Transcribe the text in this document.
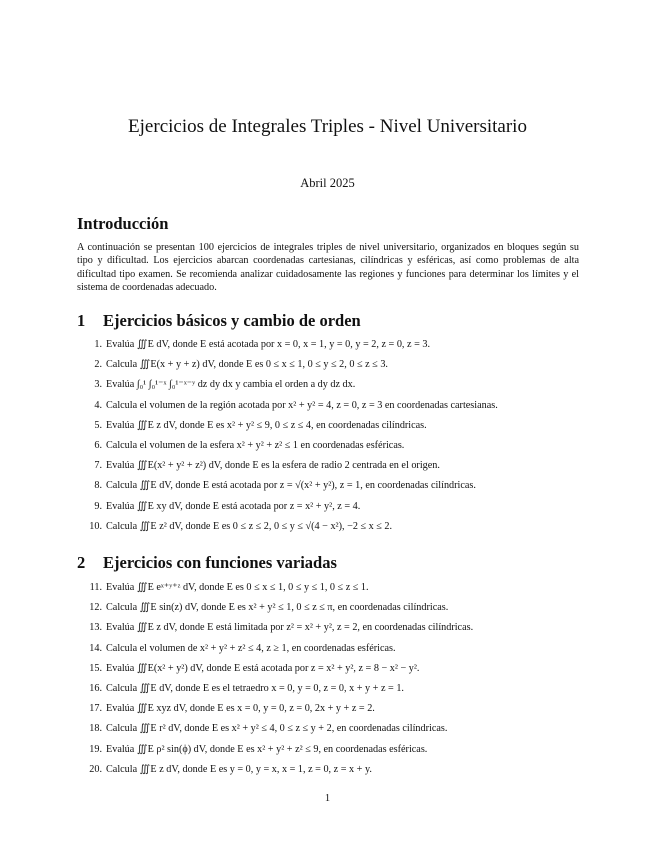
Ejercicios de Integrales Triples - Nivel Universitario
Abril 2025
Introducción
A continuación se presentan 100 ejercicios de integrales triples de nivel universitario, organizados en bloques según su tipo y dificultad. Los ejercicios abarcan coordenadas cartesianas, cilíndricas y esféricas, así como problemas de alta dificultad tipo examen. Se recomienda analizar cuidadosamente las regiones y funciones para determinar los límites y el sistema de coordenadas adecuado.
1 Ejercicios básicos y cambio de orden
1. Evalúa ∭E dV, donde E está acotada por x = 0, x = 1, y = 0, y = 2, z = 0, z = 3.
2. Calcula ∭E(x + y + z) dV, donde E es 0 ≤ x ≤ 1, 0 ≤ y ≤ 2, 0 ≤ z ≤ 3.
3. Evalúa ∫₀¹ ∫₀¹⁻ˣ ∫₀¹⁻ˣ⁻ʸ dz dy dx y cambia el orden a dy dz dx.
4. Calcula el volumen de la región acotada por x² + y² = 4, z = 0, z = 3 en coordenadas cartesianas.
5. Evalúa ∭E z dV, donde E es x² + y² ≤ 9, 0 ≤ z ≤ 4, en coordenadas cilíndricas.
6. Calcula el volumen de la esfera x² + y² + z² ≤ 1 en coordenadas esféricas.
7. Evalúa ∭E(x² + y² + z²) dV, donde E es la esfera de radio 2 centrada en el origen.
8. Calcula ∭E dV, donde E está acotada por z = √(x² + y²), z = 1, en coordenadas cilíndricas.
9. Evalúa ∭E xy dV, donde E está acotada por z = x² + y², z = 4.
10. Calcula ∭E z² dV, donde E es 0 ≤ z ≤ 2, 0 ≤ y ≤ √(4 − x²), −2 ≤ x ≤ 2.
2 Ejercicios con funciones variadas
11. Evalúa ∭E eˣ⁺ʸ⁺ᶻ dV, donde E es 0 ≤ x ≤ 1, 0 ≤ y ≤ 1, 0 ≤ z ≤ 1.
12. Calcula ∭E sin(z) dV, donde E es x² + y² ≤ 1, 0 ≤ z ≤ π, en coordenadas cilíndricas.
13. Evalúa ∭E z dV, donde E está limitada por z² = x² + y², z = 2, en coordenadas cilíndricas.
14. Calcula el volumen de x² + y² + z² ≤ 4, z ≥ 1, en coordenadas esféricas.
15. Evalúa ∭E(x² + y²) dV, donde E está acotada por z = x² + y², z = 8 − x² − y².
16. Calcula ∭E dV, donde E es el tetraedro x = 0, y = 0, z = 0, x + y + z = 1.
17. Evalúa ∭E xyz dV, donde E es x = 0, y = 0, z = 0, 2x + y + z = 2.
18. Calcula ∭E r² dV, donde E es x² + y² ≤ 4, 0 ≤ z ≤ y + 2, en coordenadas cilíndricas.
19. Evalúa ∭E ρ² sin(ϕ) dV, donde E es x² + y² + z² ≤ 9, en coordenadas esféricas.
20. Calcula ∭E z dV, donde E es y = 0, y = x, x = 1, z = 0, z = x + y.
1
